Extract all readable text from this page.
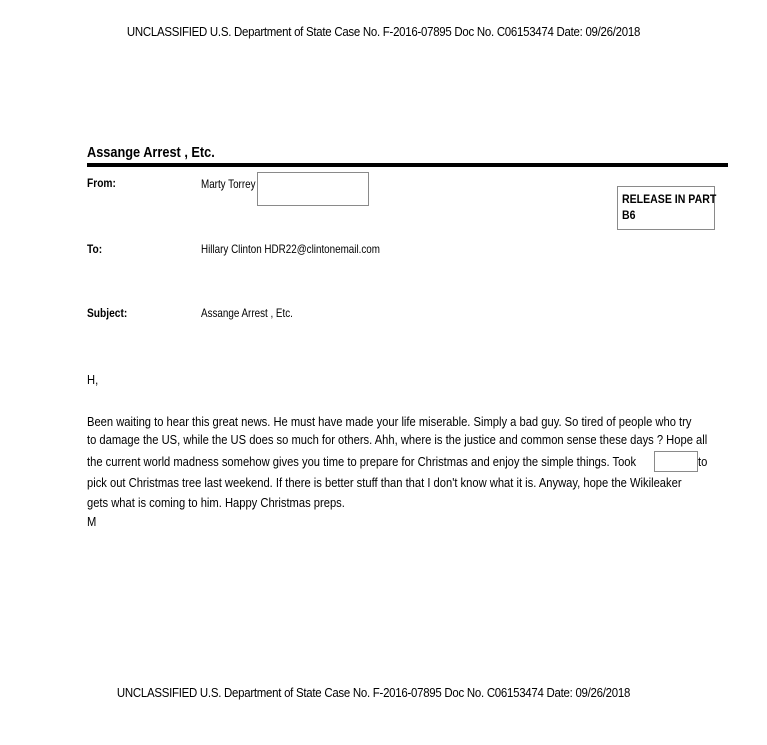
UNCLASSIFIED U.S. Department of State Case No. F-2016-07895 Doc No. C06153474 Date: 09/26/2018
Assange Arrest , Etc.
From:	Marty Torrey
RELEASE IN PART
B6
To:	Hillary Clinton HDR22@clintonemail.com
Subject:	Assange Arrest , Etc.
H,
Been waiting to hear this great news. He must have made your life miserable. Simply a bad guy. So tired of people who try
to damage the US, while the US does so much for others. Ahh, where is the justice and common sense these days ? Hope all
the current world madness somehow gives you time to prepare for Christmas and enjoy the simple things. Took	to
pick out Christmas tree last weekend. If there is better stuff than that I don't know what it is. Anyway, hope the Wikileaker
gets what is coming to him. Happy Christmas preps.
M
UNCLASSIFIED U.S. Department of State Case No. F-2016-07895 Doc No. C06153474 Date: 09/26/2018
